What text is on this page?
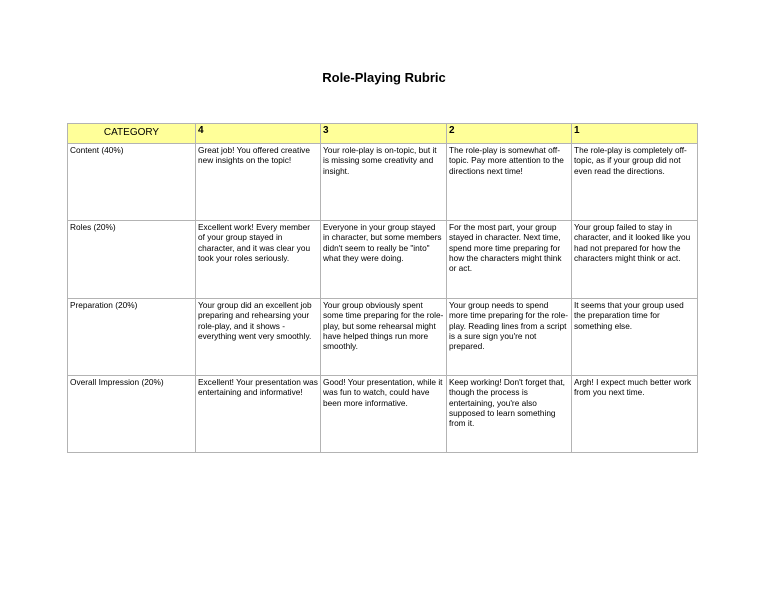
Role-Playing Rubric
CATEGORY	4	3	2	1
Content (40%)	Great job! You offered creative new insights on the topic!	Your role-play is on-topic, but it is missing some creativity and insight.	The role-play is somewhat off-topic. Pay more attention to the directions next time!	The role-play is completely off-topic, as if your group did not even read the directions.
Roles (20%)	Excellent work! Every member of your group stayed in character, and it was clear you took your roles seriously.	Everyone in your group stayed in character, but some members didn't seem to really be "into" what they were doing.	For the most part, your group stayed in character. Next time, spend more time preparing for how the characters might think or act.	Your group failed to stay in character, and it looked like you had not prepared for how the characters might think or act.
Preparation (20%)	Your group did an excellent job preparing and rehearsing your role-play, and it shows - everything went very smoothly.	Your group obviously spent some time preparing for the role-play, but some rehearsal might have helped things run more smoothly.	Your group needs to spend more time preparing for the role-play. Reading lines from a script is a sure sign you're not prepared.	It seems that your group used the preparation time for something else.
Overall Impression (20%)	Excellent! Your presentation was entertaining and informative!	Good! Your presentation, while it was fun to watch, could have been more informative.	Keep working! Don't forget that, though the process is entertaining, you're also supposed to learn something from it.	Argh! I expect much better work from you next time.
